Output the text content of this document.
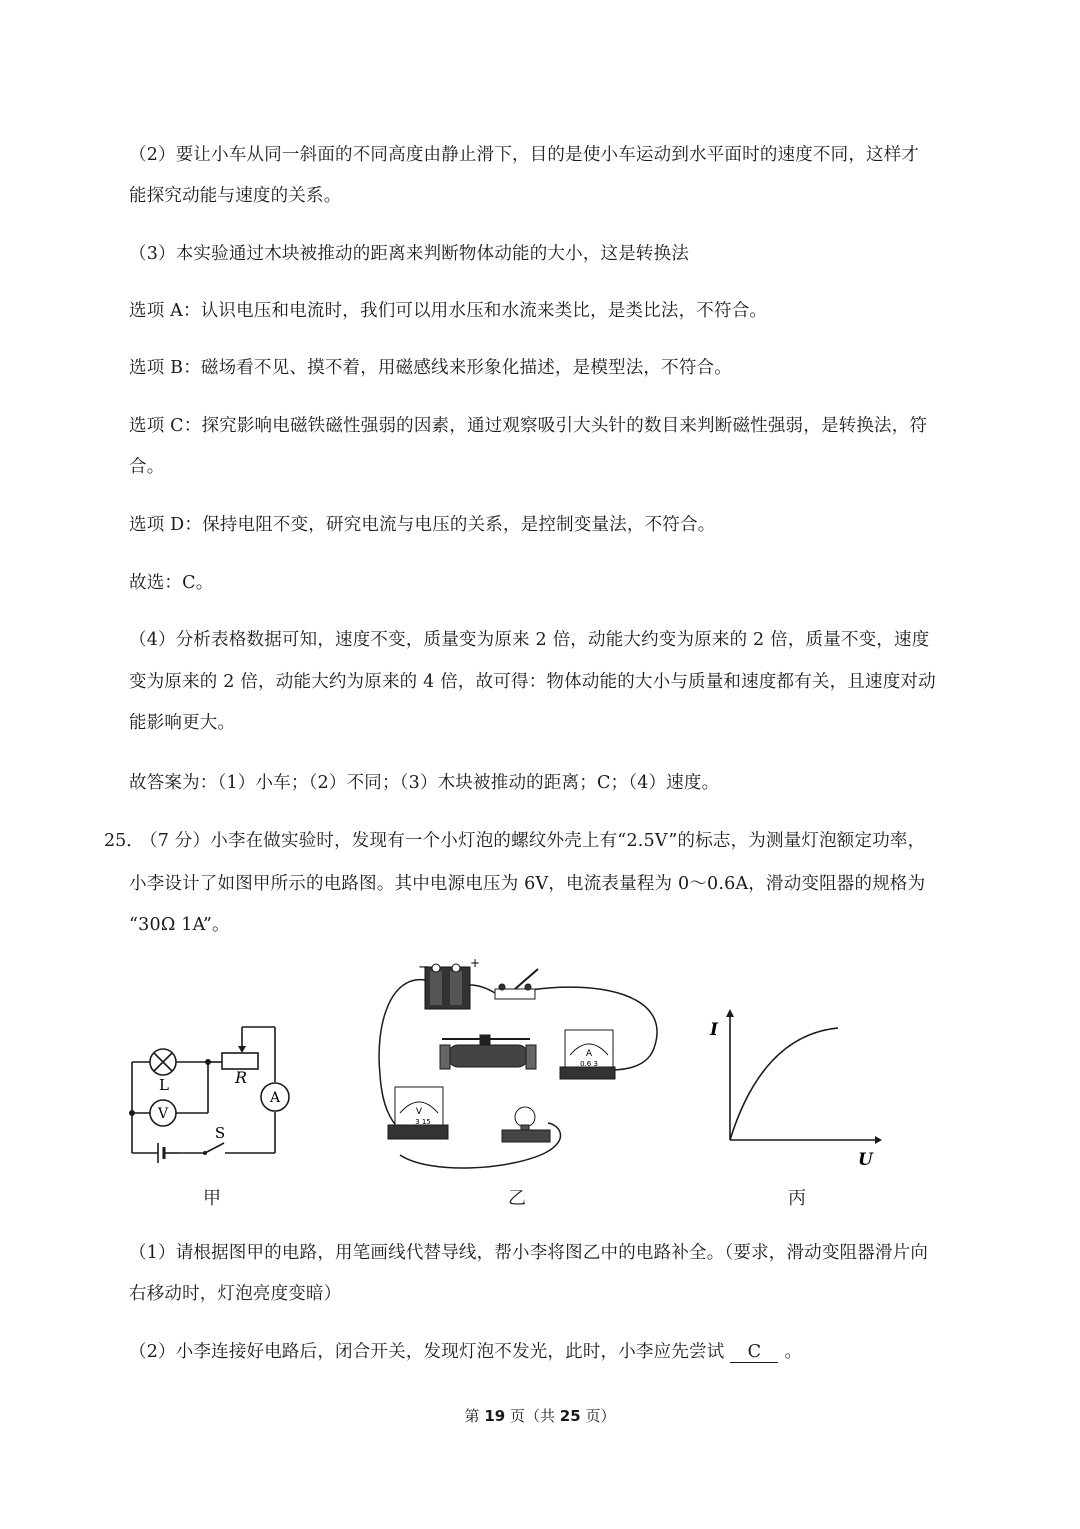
（2）要让小车从同一斜面的不同高度由静止滑下，目的是使小车运动到水平面时的速度不同，这样才
能探究动能与速度的关系。
（3）本实验通过木块被推动的距离来判断物体动能的大小，这是转换法
选项 A：认识电压和电流时，我们可以用水压和水流来类比，是类比法，不符合。
选项 B：磁场看不见、摸不着，用磁感线来形象化描述，是模型法，不符合。
选项 C：探究影响电磁铁磁性强弱的因素，通过观察吸引大头针的数目来判断磁性强弱，是转换法，符
合。
选项 D：保持电阻不变，研究电流与电压的关系，是控制变量法，不符合。
故选：C。
（4）分析表格数据可知，速度不变，质量变为原来 2 倍，动能大约变为原来的 2 倍，质量不变，速度
变为原来的 2 倍，动能大约为原来的 4 倍，故可得：物体动能的大小与质量和速度都有关，且速度对动
能影响更大。
故答案为：（1）小车；（2）不同；（3）木块被推动的距离；C；（4）速度。
25．
（7 分）小李在做实验时，发现有一个小灯泡的螺纹外壳上有“2.5V”的标志，为测量灯泡额定功率，
小李设计了如图甲所示的电路图。其中电源电压为 6V，电流表量程为 0～0.6A，滑动变阻器的规格为
“30Ω 1A”。
L	R
A
V
S
甲
−	+
A
0.6 3
V
3 15
乙
I
U
丙
（1）请根据图甲的电路，用笔画线代替导线，帮小李将图乙中的电路补全。（要求，滑动变阻器滑片向
右移动时，灯泡亮度变暗）
（2）小李连接好电路后，闭合开关，发现灯泡不发光，此时，小李应先尝试 C 。
第 19 页（共 25 页）
